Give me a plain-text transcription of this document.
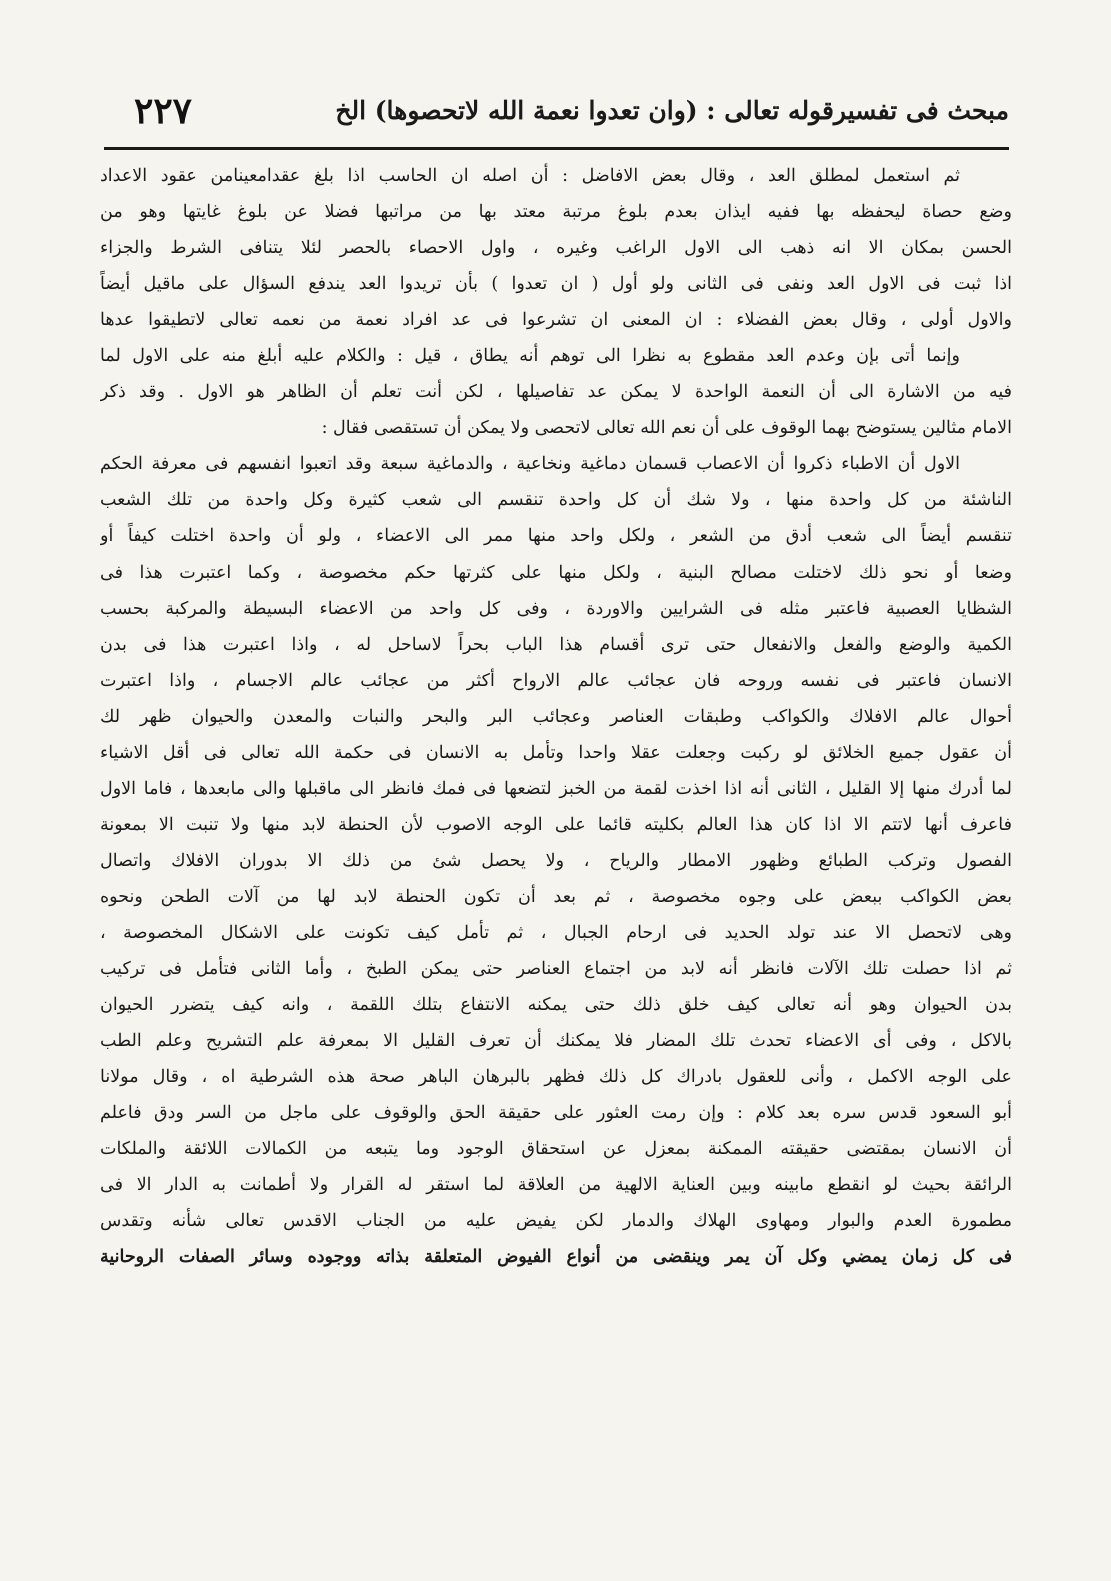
مبحث فى تفسيرقوله تعالى : (وان تعدوا نعمة الله لاتحصوها) الخ
٢٢٧
ثم استعمل لمطلق العد ، وقال بعض الافاضل : أن اصله ان الحاسب اذا بلغ عقدامعينامن عقود الاعداد
وضع حصاة ليحفظه بها ففيه ايذان بعدم بلوغ مرتبة معتد بها من مراتبها فضلا عن بلوغ غايتها وهو من
الحسن بمكان الا انه ذهب الى الاول الراغب وغيره ، واول الاحصاء بالحصر لئلا يتنافى الشرط والجزاء
اذا ثبت فى الاول العد ونفى فى الثانى ولو أول ( ان تعدوا ) بأن تريدوا العد يندفع السؤال على ماقيل أيضاً
والاول أولى ، وقال بعض الفضلاء : ان المعنى ان تشرعوا فى عد افراد نعمة من نعمه تعالى لاتطيقوا عدها
وإنما أتى بإن وعدم العد مقطوع به نظرا الى توهم أنه يطاق ، قيل : والكلام عليه أبلغ منه على الاول لما
فيه من الاشارة الى أن النعمة الواحدة لا يمكن عد تفاصيلها ، لكن أنت تعلم أن الظاهر هو الاول . وقد ذكر
الامام مثالين يستوضح بهما الوقوف على أن نعم الله تعالى لاتحصى ولا يمكن أن تستقصى فقال :
الاول أن الاطباء ذكروا أن الاعصاب قسمان دماغية ونخاعية ، والدماغية سبعة وقد اتعبوا انفسهم فى معرفة الحكم
الناشئة من كل واحدة منها ، ولا شك أن كل واحدة تنقسم الى شعب كثيرة وكل واحدة من تلك الشعب
تنقسم أيضاً الى شعب أدق من الشعر ، ولكل واحد منها ممر الى الاعضاء ، ولو أن واحدة اختلت كيفاً أو
وضعا أو نحو ذلك لاختلت مصالح البنية ، ولكل منها على كثرتها حكم مخصوصة ، وكما اعتبرت هذا فى
الشظايا العصبية فاعتبر مثله فى الشرايين والاوردة ، وفى كل واحد من الاعضاء البسيطة والمركبة بحسب
الكمية والوضع والفعل والانفعال حتى ترى أقسام هذا الباب بحراً لاساحل له ، واذا اعتبرت هذا فى بدن
الانسان فاعتبر فى نفسه وروحه فان عجائب عالم الارواح أكثر من عجائب عالم الاجسام ، واذا اعتبرت
أحوال عالم الافلاك والكواكب وطبقات العناصر وعجائب البر والبحر والنبات والمعدن والحيوان ظهر لك
أن عقول جميع الخلائق لو ركبت وجعلت عقلا واحدا وتأمل به الانسان فى حكمة الله تعالى فى أقل الاشياء
لما أدرك منها إلا القليل ، الثانى أنه اذا اخذت لقمة من الخبز لتضعها فى فمك فانظر الى ماقبلها والى مابعدها ، فاما الاول
فاعرف أنها لاتتم الا اذا كان هذا العالم بكليته قائما على الوجه الاصوب لأن الحنطة لابد منها ولا تنبت الا بمعونة
الفصول وتركب الطبائع وظهور الامطار والرياح ، ولا يحصل شئ من ذلك الا بدوران الافلاك واتصال
بعض الكواكب ببعض على وجوه مخصوصة ، ثم بعد أن تكون الحنطة لابد لها من آلات الطحن ونحوه
وهى لاتحصل الا عند تولد الحديد فى ارحام الجبال ، ثم تأمل كيف تكونت على الاشكال المخصوصة ،
ثم اذا حصلت تلك الآلات فانظر أنه لابد من اجتماع العناصر حتى يمكن الطبخ ، وأما الثانى فتأمل فى تركيب
بدن الحيوان وهو أنه تعالى كيف خلق ذلك حتى يمكنه الانتفاع بتلك اللقمة ، وانه كيف يتضرر الحيوان
بالاكل ، وفى أى الاعضاء تحدث تلك المضار فلا يمكنك أن تعرف القليل الا بمعرفة علم التشريح وعلم الطب
على الوجه الاكمل ، وأنى للعقول بادراك كل ذلك فظهر بالبرهان الباهر صحة هذه الشرطية اه ، وقال مولانا
أبو السعود قدس سره بعد كلام : وإن رمت العثور على حقيقة الحق والوقوف على ماجل من السر ودق فاعلم
أن الانسان بمقتضى حقيقته الممكنة بمعزل عن استحقاق الوجود وما يتبعه من الكمالات اللائقة والملكات
الرائقة بحيث لو انقطع مابينه وبين العناية الالهية من العلاقة لما استقر له القرار ولا أطمانت به الدار الا فى
مطمورة العدم والبوار ومهاوى الهلاك والدمار لكن يفيض عليه من الجناب الاقدس تعالى شأنه وتقدس
فى كل زمان يمضي وكل آن يمر وينقضى من أنواع الفيوض المتعلقة بذاته ووجوده وسائر الصفات الروحانية
